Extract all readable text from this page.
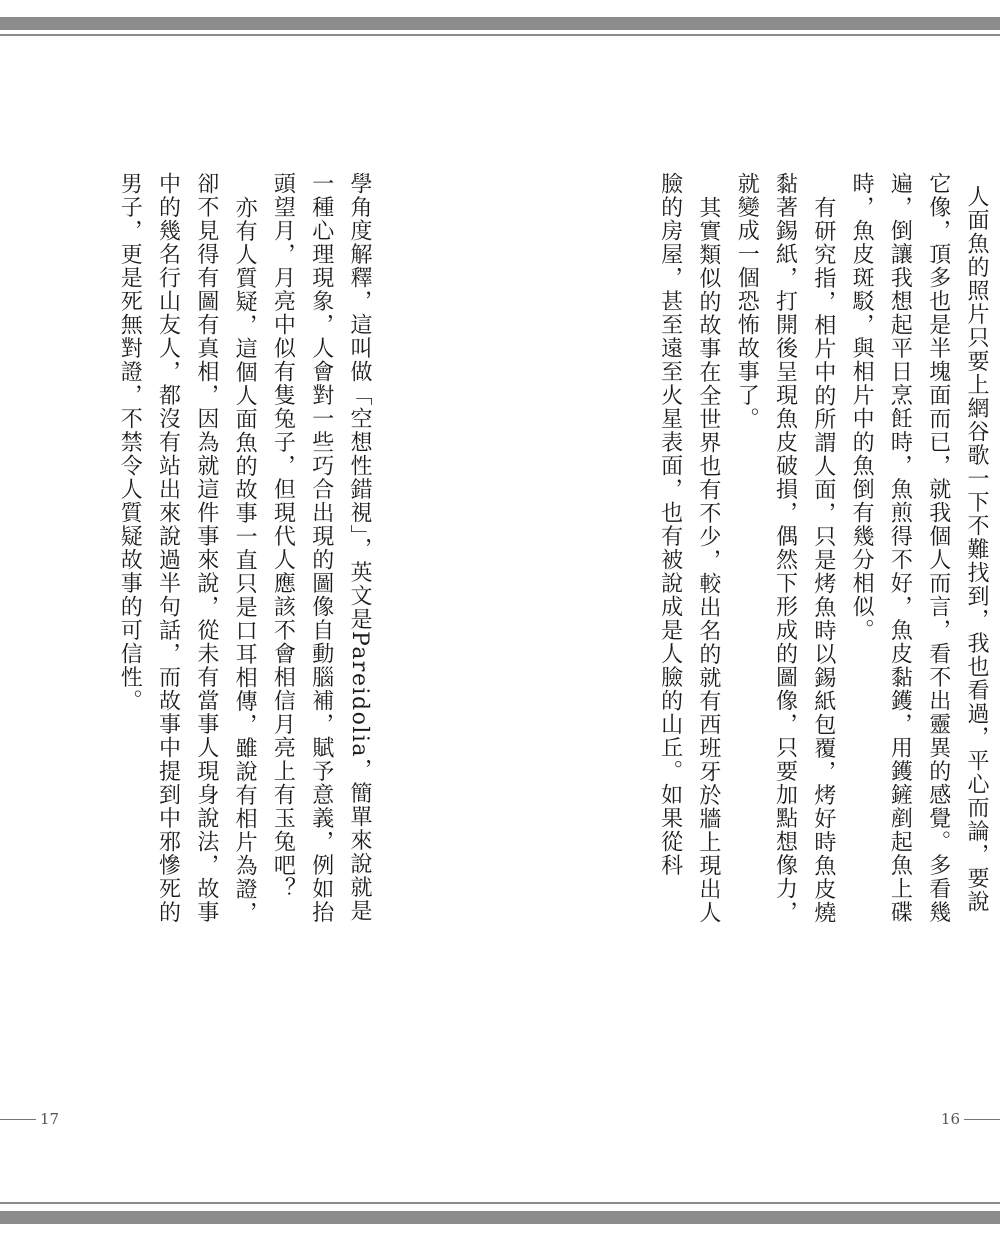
人面魚的照片只要上網谷歌一下不難找到，我也看過，平心而論，要說它像，頂多也是半塊面而已，就我個人而言，看不出靈異的感覺。多看幾遍，倒讓我想起平日烹飪時，魚煎得不好，魚皮黏鑊，用鑊鏟剷起魚上碟時，魚皮斑駁，與相片中的魚倒有幾分相似。

有研究指，相片中的所謂人面，只是烤魚時以錫紙包覆，烤好時魚皮燒黏著錫紙，打開後呈現魚皮破損，偶然下形成的圖像，只要加點想像力，就變成一個恐怖故事了。

其實類似的故事在全世界也有不少，較出名的就有西班牙於牆上現出人臉的房屋，甚至遠至火星表面，也有被說成是人臉的山丘。如果從科

學角度解釋，這叫做「空想性錯視」，英文是Pareidolia，簡單來說就是一種心理現象，人會對一些巧合出現的圖像自動腦補，賦予意義，例如抬頭望月，月亮中似有隻兔子，但現代人應該不會相信月亮上有玉兔吧？

亦有人質疑，這個人面魚的故事一直只是口耳相傳，雖說有相片為證，卻不見得有圖有真相，因為就這件事來說，從未有當事人現身說法，故事中的幾名行山友人，都沒有站出來說過半句話，而故事中提到中邪慘死的男子，更是死無對證，不禁令人質疑故事的可信性。

17	16
